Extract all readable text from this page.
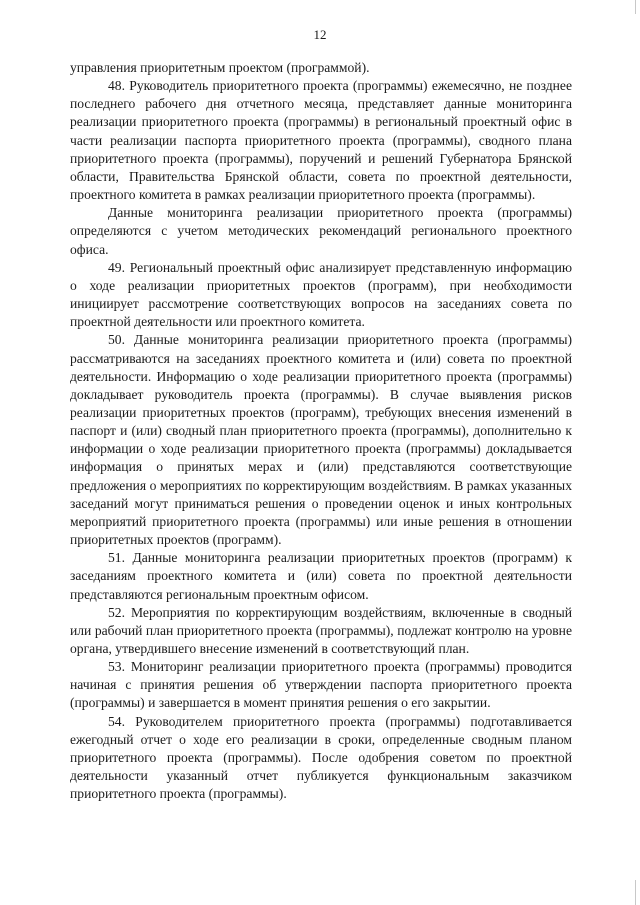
12

управления приоритетным проектом (программой).

48. Руководитель приоритетного проекта (программы) ежемесячно, не позднее последнего рабочего дня отчетного месяца, представляет данные мониторинга реализации приоритетного проекта (программы) в региональный проектный офис в части реализации паспорта приоритетного проекта (программы), сводного плана приоритетного проекта (программы), поручений и решений Губернатора Брянской области, Правительства Брянской области, совета по проектной деятельности, проектного комитета в рамках реализации приоритетного проекта (программы).

Данные мониторинга реализации приоритетного проекта (программы) определяются с учетом методических рекомендаций регионального проектного офиса.

49. Региональный проектный офис анализирует представленную информацию о ходе реализации приоритетных проектов (программ), при необходимости инициирует рассмотрение соответствующих вопросов на заседаниях совета по проектной деятельности или проектного комитета.

50. Данные мониторинга реализации приоритетного проекта (программы) рассматриваются на заседаниях проектного комитета и (или) совета по проектной деятельности. Информацию о ходе реализации приоритетного проекта (программы) докладывает руководитель проекта (программы). В случае выявления рисков реализации приоритетных проектов (программ), требующих внесения изменений в паспорт и (или) сводный план приоритетного проекта (программы), дополнительно к информации о ходе реализации приоритетного проекта (программы) докладывается информация о принятых мерах и (или) представляются соответствующие предложения о мероприятиях по корректирующим воздействиям. В рамках указанных заседаний могут приниматься решения о проведении оценок и иных контрольных мероприятий приоритетного проекта (программы) или иные решения в отношении приоритетных проектов (программ).

51. Данные мониторинга реализации приоритетных проектов (программ) к заседаниям проектного комитета и (или) совета по проектной деятельности представляются региональным проектным офисом.

52. Мероприятия по корректирующим воздействиям, включенные в сводный или рабочий план приоритетного проекта (программы), подлежат контролю на уровне органа, утвердившего внесение изменений в соответствующий план.

53. Мониторинг реализации приоритетного проекта (программы) проводится начиная с принятия решения об утверждении паспорта приоритетного проекта (программы) и завершается в момент принятия решения о его закрытии.

54. Руководителем приоритетного проекта (программы) подготавливается ежегодный отчет о ходе его реализации в сроки, определенные сводным планом приоритетного проекта (программы). После одобрения советом по проектной деятельности указанный отчет публикуется функциональным заказчиком приоритетного проекта (программы).
